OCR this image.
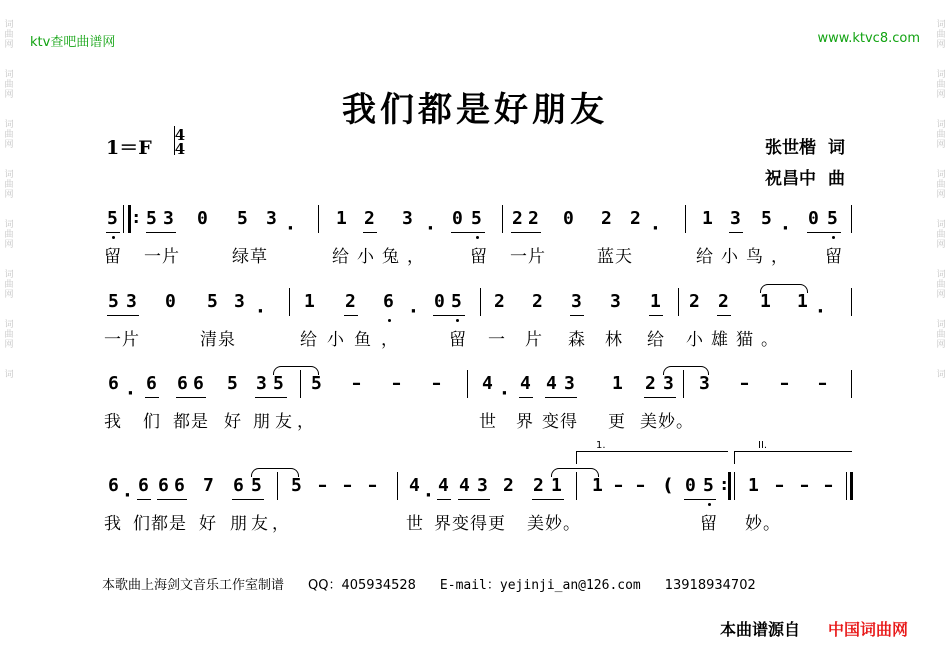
词
曲
网
词
曲
网
词
曲
网
词
曲
网
词
曲
网
词
曲
网
词
曲
网
词
词
曲
网
词
曲
网
词
曲
网
词
曲
网
词
曲
网
词
曲
网
词
曲
网
词
ktv查吧曲谱网	www.ktvc8.com
我们都是好朋友
1＝F
4
4	张世楷 词
祝昌中 曲
5 : 5 3 0 5 3 · 1 2 3 · 0 5 2 2 0 2 2 · 1 3 5 · 0 5
留 一片	绿草	给小兔， 留 一片	蓝天	给小鸟， 留
5 3 0 5 3 · 1 2 6 · 0 5 2 2 3 3 1 2 2 1 1 ·
一片	清泉	给小鱼， 留 一片 森林 给 小雄猫。
6 · 6 6 6 5 3 5 5 – – – 4 · 4 4 3 1 2 3 3 – – –
我 们 都是 好 朋友，	世 界 变得 更 美妙。
6 · 6 6 6 7 6 5 5 – – – 4 · 4 4 3 2 2 1
1.
1 – – ( 0 5 :
II.
1 – – –
我 们都是 好 朋友，	世 界变得更 美妙。	留 妙。
本歌曲上海剑文音乐工作室制谱 QQ：405934528 E-mail：yejinji_an@126.com 13918934702
本曲谱源自 中国词曲网
